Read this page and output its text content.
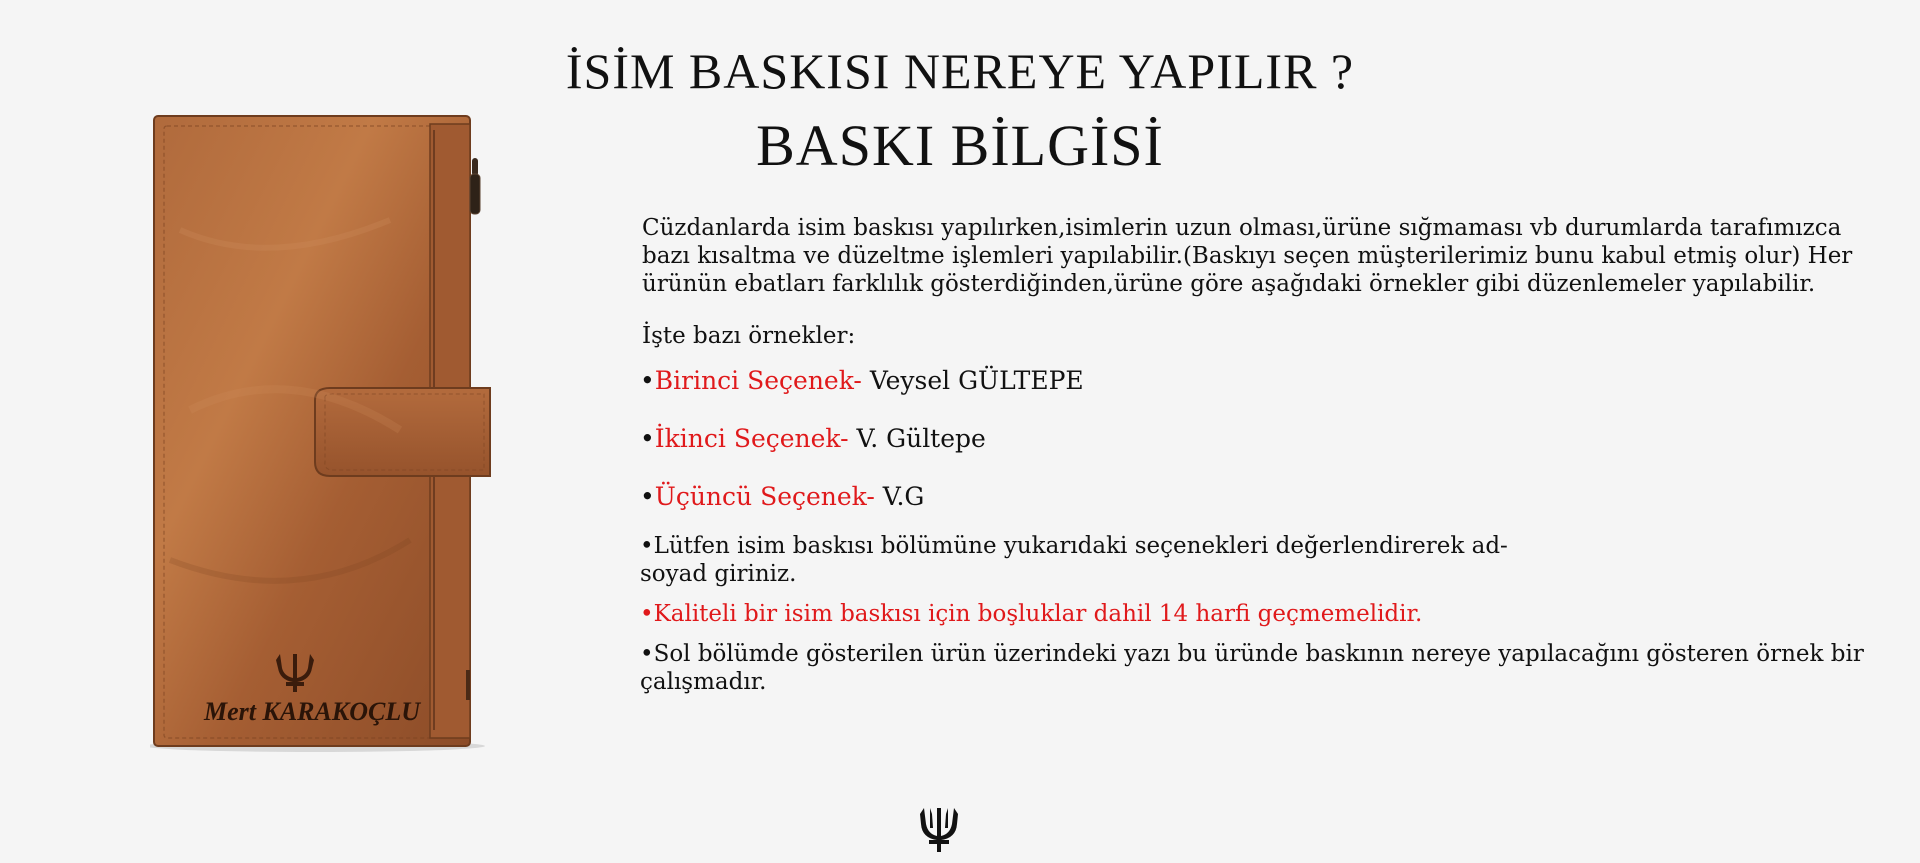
İSİM BASKISI NEREYE YAPILIR ?
BASKI BİLGİSİ
Mert KARAKOÇLU

Cüzdanlarda isim baskısı yapılırken,isimlerin uzun olması,ürüne sığmaması vb durumlarda tarafımızca bazı kısaltma ve düzeltme işlemleri yapılabilir.(Baskıyı seçen müşterilerimiz bunu kabul etmiş olur) Her ürünün ebatları farklılık gösterdiğinden,ürüne göre aşağıdaki örnekler gibi düzenlemeler yapılabilir.

İşte bazı örnekler:

•Birinci Seçenek- Veysel GÜLTEPE
•İkinci Seçenek- V. Gültepe
•Üçüncü Seçenek- V.G

•Lütfen isim baskısı bölümüne yukarıdaki seçenekleri değerlendirerek ad-soyad giriniz.

•Kaliteli bir isim baskısı için boşluklar dahil 14 harfi geçmemelidir.

•Sol bölümde gösterilen ürün üzerindeki yazı bu üründe baskının nereye yapılacağını gösteren örnek bir çalışmadır.
